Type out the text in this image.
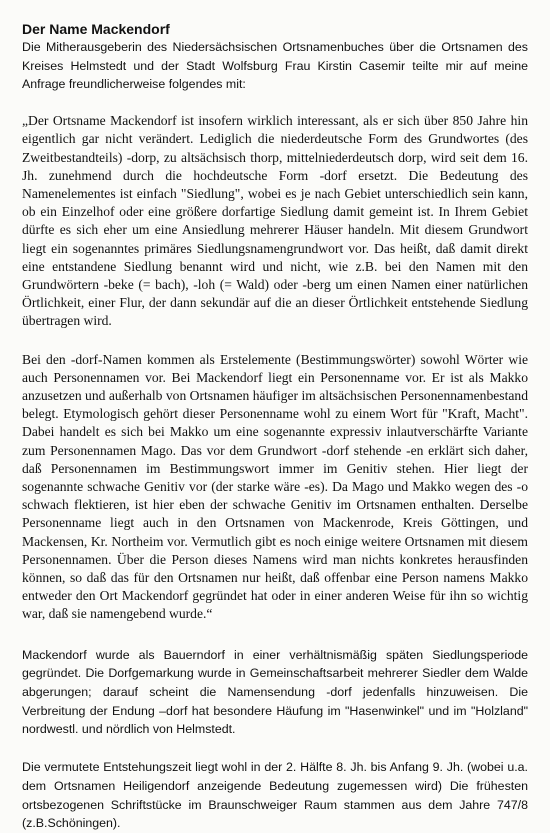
Der Name Mackendorf

Die Mitherausgeberin des Niedersächsischen Ortsnamenbuches über die Ortsnamen des Kreises Helmstedt und der Stadt Wolfsburg Frau Kirstin Casemir teilte mir auf meine Anfrage freundlicherweise folgendes mit:

„Der Ortsname Mackendorf ist insofern wirklich interessant, als er sich über 850 Jahre hin eigentlich gar nicht verändert. Lediglich die niederdeutsche Form des Grundwortes (des Zweitbestandteils) -dorp, zu altsächsisch thorp, mittelniederdeutsch dorp, wird seit dem 16. Jh. zunehmend durch die hochdeutsche Form -dorf ersetzt. Die Bedeutung des Namenelementes ist einfach "Siedlung", wobei es je nach Gebiet unterschiedlich sein kann, ob ein Einzelhof oder eine größere dorfartige Siedlung damit gemeint ist. In Ihrem Gebiet dürfte es sich eher um eine Ansiedlung mehrerer Häuser handeln. Mit diesem Grundwort liegt ein sogenanntes primäres Siedlungsnamengrundwort vor. Das heißt, daß damit direkt eine entstandene Siedlung benannt wird und nicht, wie z.B. bei den Namen mit den Grundwörtern -beke (= bach), -loh (= Wald) oder -berg um einen Namen einer natürlichen Örtlichkeit, einer Flur, der dann sekundär auf die an dieser Örtlichkeit entstehende Siedlung übertragen wird.

Bei den -dorf-Namen kommen als Erstelemente (Bestimmungswörter) sowohl Wörter wie auch Personennamen vor. Bei Mackendorf liegt ein Personenname vor. Er ist als Makko anzusetzen und außerhalb von Ortsnamen häufiger im altsächsischen Personennamenbestand belegt. Etymologisch gehört dieser Personenname wohl zu einem Wort für "Kraft, Macht". Dabei handelt es sich bei Makko um eine sogenannte expressiv inlautverschärfte Variante zum Personennamen Mago. Das vor dem Grundwort -dorf stehende -en erklärt sich daher, daß Personennamen im Bestimmungswort immer im Genitiv stehen. Hier liegt der sogenannte schwache Genitiv vor (der starke wäre -es). Da Mago und Makko wegen des -o schwach flektieren, ist hier eben der schwache Genitiv im Ortsnamen enthalten. Derselbe Personenname liegt auch in den Ortsnamen von Mackenrode, Kreis Göttingen, und Mackensen, Kr. Northeim vor. Vermutlich gibt es noch einige weitere Ortsnamen mit diesem Personennamen. Über die Person dieses Namens wird man nichts konkretes herausfinden können, so daß das für den Ortsnamen nur heißt, daß offenbar eine Person namens Makko entweder den Ort Mackendorf gegründet hat oder in einer anderen Weise für ihn so wichtig war, daß sie namengebend wurde.“

Mackendorf wurde als Bauerndorf in einer verhältnismäßig späten Siedlungsperiode gegründet. Die Dorfgemarkung wurde in Gemeinschaftsarbeit mehrerer Siedler dem Walde abgerungen; darauf scheint die Namensendung -dorf jedenfalls hinzuweisen. Die Verbreitung der Endung –dorf hat besondere Häufung im "Hasenwinkel" und im "Holzland" nordwestl. und nördlich von Helmstedt.

Die vermutete Entstehungszeit liegt wohl in der 2. Hälfte 8. Jh. bis Anfang 9. Jh. (wobei u.a. dem Ortsnamen Heiligendorf anzeigende Bedeutung zugemessen wird) Die frühesten ortsbezogenen Schriftstücke im Braunschweiger Raum stammen aus dem Jahre 747/8 (z.B.Schöningen).
